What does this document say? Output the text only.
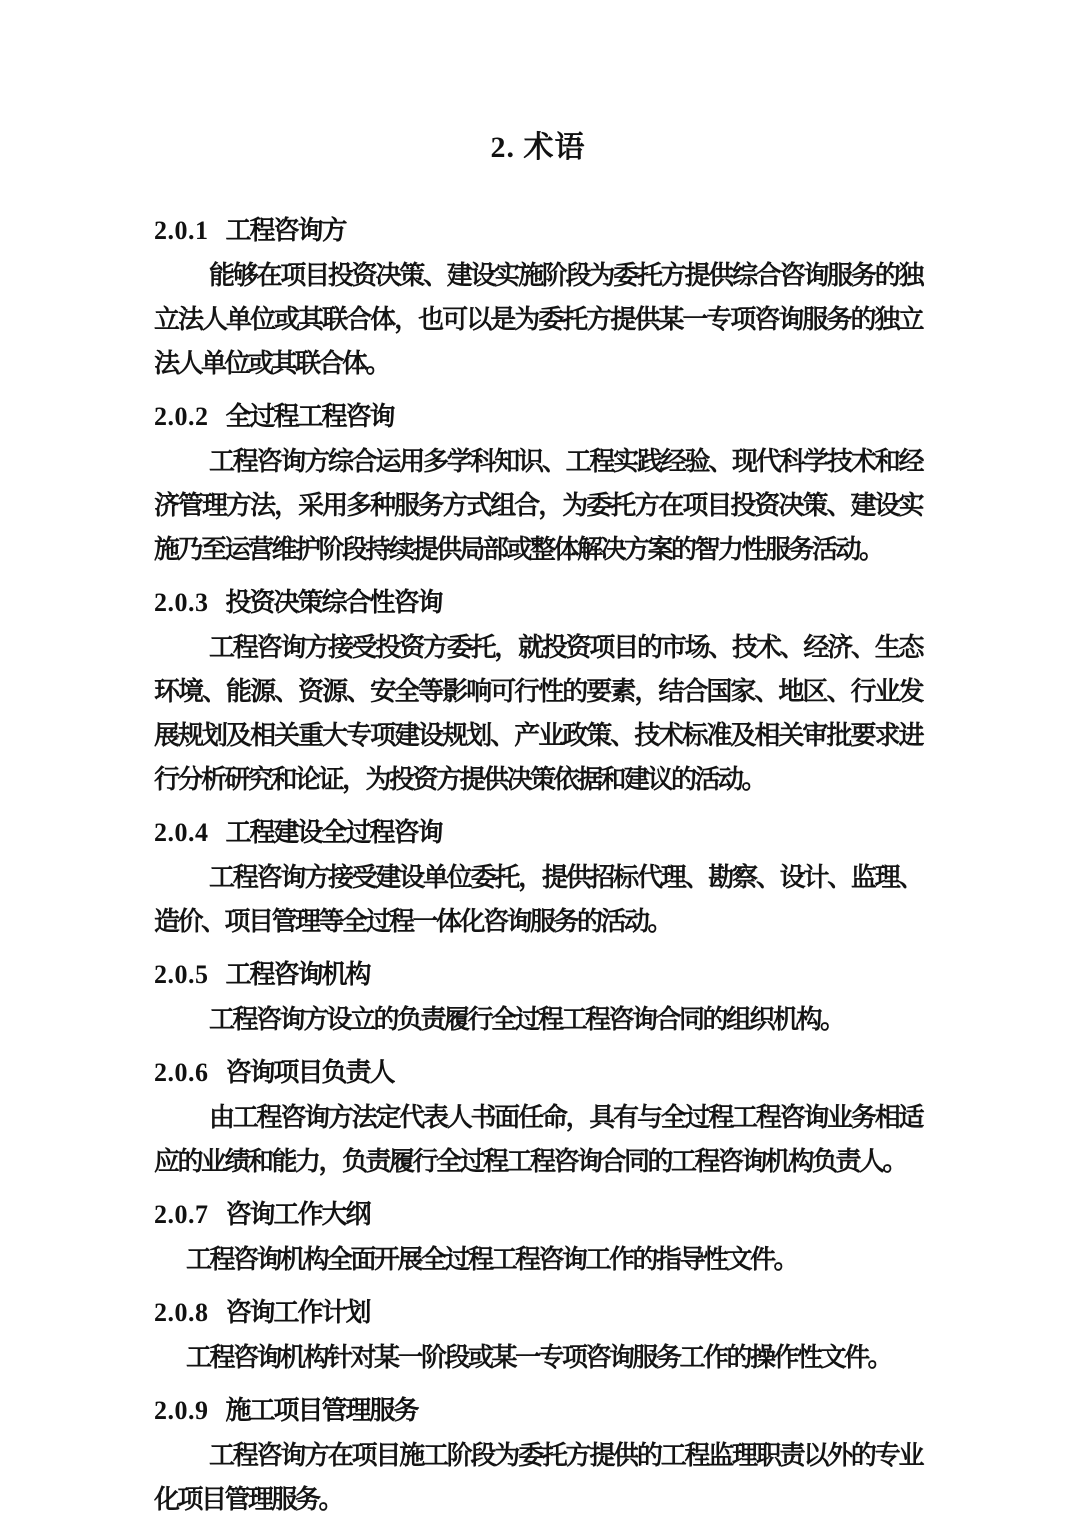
2. 术语
2.0.1 工程咨询方

能够在项目投资决策、建设实施阶段为委托方提供综合咨询服务的独立法人单位或其联合体，也可以是为委托方提供某一专项咨询服务的独立法人单位或其联合体。

2.0.2 全过程工程咨询

工程咨询方综合运用多学科知识、工程实践经验、现代科学技术和经济管理方法，采用多种服务方式组合，为委托方在项目投资决策、建设实施乃至运营维护阶段持续提供局部或整体解决方案的智力性服务活动。

2.0.3 投资决策综合性咨询

工程咨询方接受投资方委托，就投资项目的市场、技术、经济、生态环境、能源、资源、安全等影响可行性的要素，结合国家、地区、行业发展规划及相关重大专项建设规划、产业政策、技术标准及相关审批要求进行分析研究和论证，为投资方提供决策依据和建议的活动。

2.0.4 工程建设全过程咨询

工程咨询方接受建设单位委托，提供招标代理、勘察、设计、监理、造价、项目管理等全过程一体化咨询服务的活动。

2.0.5 工程咨询机构

工程咨询方设立的负责履行全过程工程咨询合同的组织机构。

2.0.6 咨询项目负责人

由工程咨询方法定代表人书面任命，具有与全过程工程咨询业务相适应的业绩和能力，负责履行全过程工程咨询合同的工程咨询机构负责人。

2.0.7 咨询工作大纲

工程咨询机构全面开展全过程工程咨询工作的指导性文件。

2.0.8 咨询工作计划

工程咨询机构针对某一阶段或某一专项咨询服务工作的操作性文件。

2.0.9 施工项目管理服务

工程咨询方在项目施工阶段为委托方提供的工程监理职责以外的专业化项目管理服务。
